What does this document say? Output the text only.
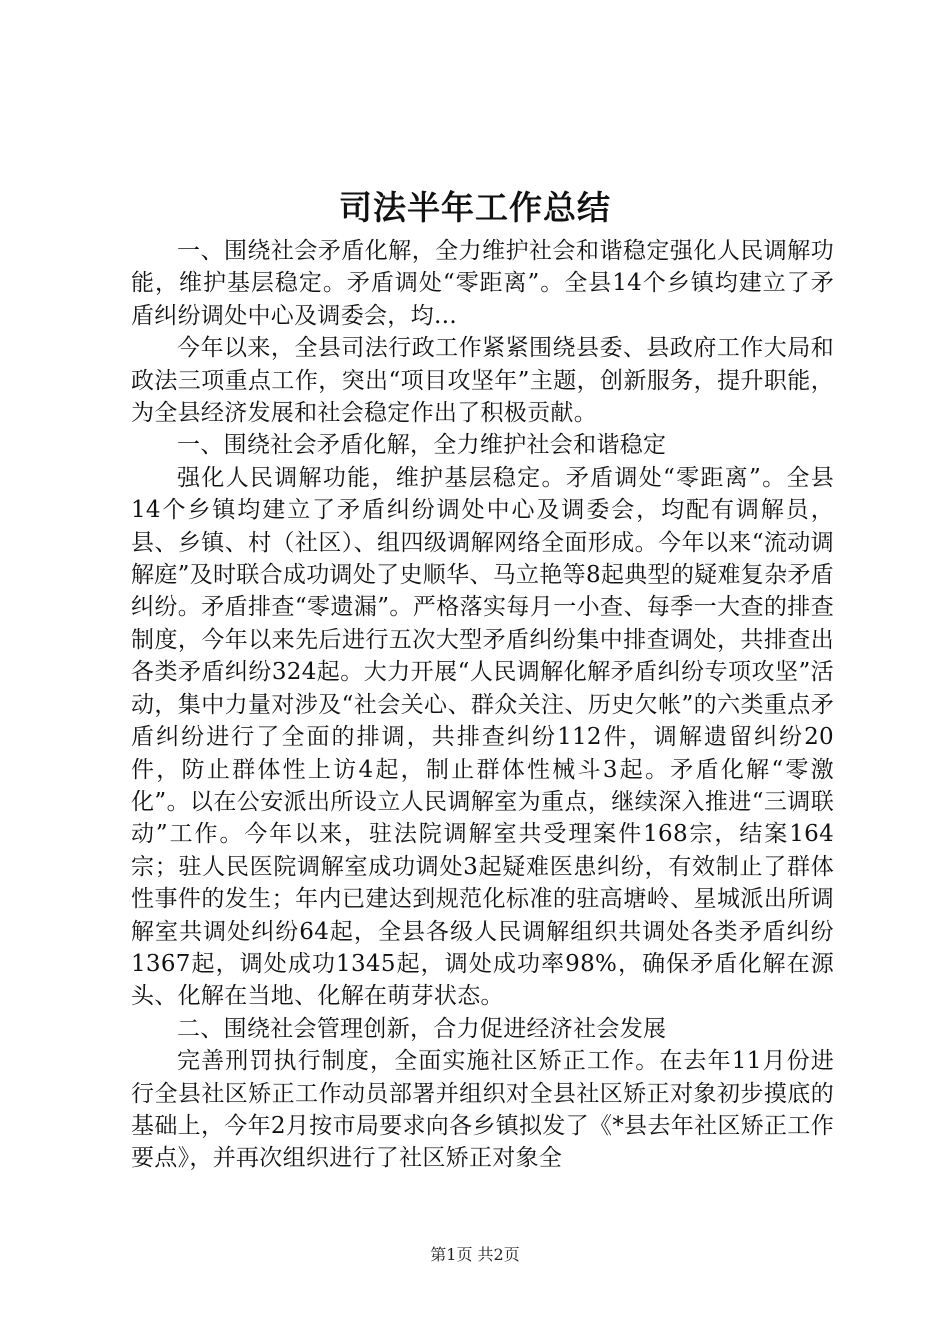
司法半年工作总结

一、围绕社会矛盾化解，全力维护社会和谐稳定强化人民调解功能，维护基层稳定。矛盾调处“零距离”。全县14个乡镇均建立了矛盾纠纷调处中心及调委会，均…

今年以来，全县司法行政工作紧紧围绕县委、县政府工作大局和政法三项重点工作，突出“项目攻坚年”主题，创新服务，提升职能，为全县经济发展和社会稳定作出了积极贡献。

一、围绕社会矛盾化解，全力维护社会和谐稳定

强化人民调解功能，维护基层稳定。矛盾调处“零距离”。全县14个乡镇均建立了矛盾纠纷调处中心及调委会，均配有调解员，县、乡镇、村（社区）、组四级调解网络全面形成。今年以来“流动调解庭”及时联合成功调处了史顺华、马立艳等8起典型的疑难复杂矛盾纠纷。矛盾排查“零遗漏”。严格落实每月一小查、每季一大查的排查制度，今年以来先后进行五次大型矛盾纠纷集中排查调处，共排查出各类矛盾纠纷324起。大力开展“人民调解化解矛盾纠纷专项攻坚”活动，集中力量对涉及“社会关心、群众关注、历史欠帐”的六类重点矛盾纠纷进行了全面的排调，共排查纠纷112件，调解遗留纠纷20件，防止群体性上访4起，制止群体性械斗3起。矛盾化解“零激化”。以在公安派出所设立人民调解室为重点，继续深入推进“三调联动”工作。今年以来，驻法院调解室共受理案件168宗，结案164宗；驻人民医院调解室成功调处3起疑难医患纠纷，有效制止了群体性事件的发生；年内已建达到规范化标准的驻高塘岭、星城派出所调解室共调处纠纷64起，全县各级人民调解组织共调处各类矛盾纠纷1367起，调处成功1345起，调处成功率98%，确保矛盾化解在源头、化解在当地、化解在萌芽状态。

二、围绕社会管理创新，合力促进经济社会发展

完善刑罚执行制度，全面实施社区矫正工作。在去年11月份进行全县社区矫正工作动员部署并组织对全县社区矫正对象初步摸底的基础上，今年2月按市局要求向各乡镇拟发了《*县去年社区矫正工作要点》，并再次组织进行了社区矫正对象全

第1页 共2页
